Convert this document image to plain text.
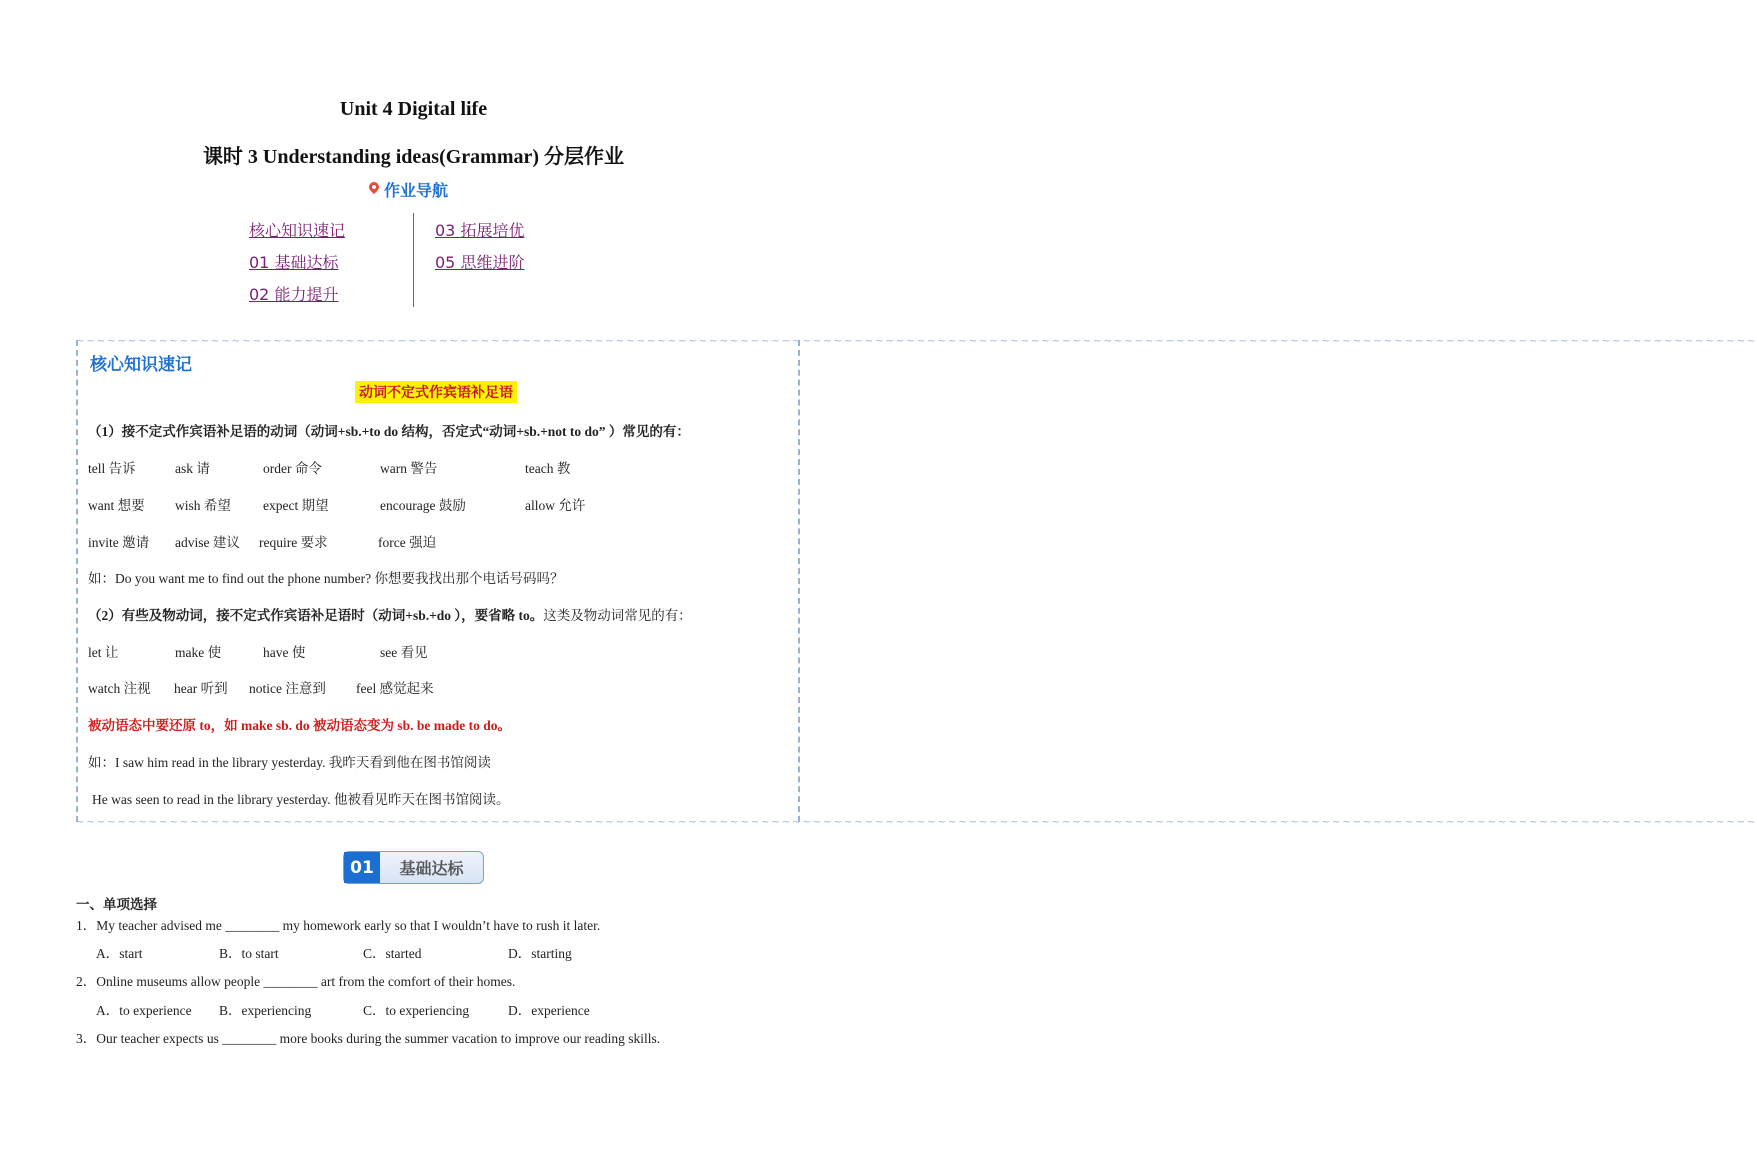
Unit 4 Digital life
课时 3 Understanding ideas(Grammar) 分层作业
作业导航
核心知识速记
01 基础达标
02 能力提升
03 拓展培优
05 思维进阶
~~~~~~~~~~~~~~~~~~~~~~~~~~~~~~~~~~~~~~~~~~~~~~~~~~~~~~~~~~~~~~~~~~~~~~~~~~~~~~~~~~~~~~~~~~~~~~~~~~~~~~~~~~~~~~~~~~~~~~~~~~~~~~~~~~~~~~~~~~~~~~~~~~~~~~~~~~~~~~~~~~
~~~~~~~~~~~~~~~~~~~~~~~~~~~~~~~~~~~~~~~~~~~~~~~~~~~~~~~~~~~~~~~~~~~~~~~~~~~~~~~~~~~~~~~~~~~~~~~~~~~~~~~~~~~~~~~~~~~~~~~~~~~~~~~~~~~~~~~~~~~~~~~~~~~~~~~~~~~~~~~~~~
核心知识速记
动词不定式作宾语补足语
（1）接不定式作宾语补足语的动词（动词+sb.+to do 结构，否定式“动词+sb.+not to do” ）常见的有：
tell 告诉	ask 请	order 命令	warn 警告	teach 教
want 想要 wish 希望 expect 期望	encourage 鼓励	allow 允许
invite 邀请 advise 建议 require 要求	force 强迫
如：Do you want me to find out the phone number? 你想要我找出那个电话号码吗？
（2）有些及物动词，接不定式作宾语补足语时（动词+sb.+do ），要省略 to。这类及物动词常见的有：
let 让	make 使	have 使	see 看见
watch 注视 hear 听到 notice 注意到 feel 感觉起来
被动语态中要还原 to，如 make sb. do 被动语态变为 sb. be made to do。
如：I saw him read in the library yesterday. 我昨天看到他在图书馆阅读
He was seen to read in the library yesterday. 他被看见昨天在图书馆阅读。
01	基础达标
一、单项选择
1．My teacher advised me ________ my homework early so that I wouldn’t have to rush it later.
A．start	B．to start	C．started	D．starting
2．Online museums allow people ________ art from the comfort of their homes.
A．to experience B．experiencing	C．to experiencing	D．experience
3．Our teacher expects us ________ more books during the summer vacation to improve our reading skills.
